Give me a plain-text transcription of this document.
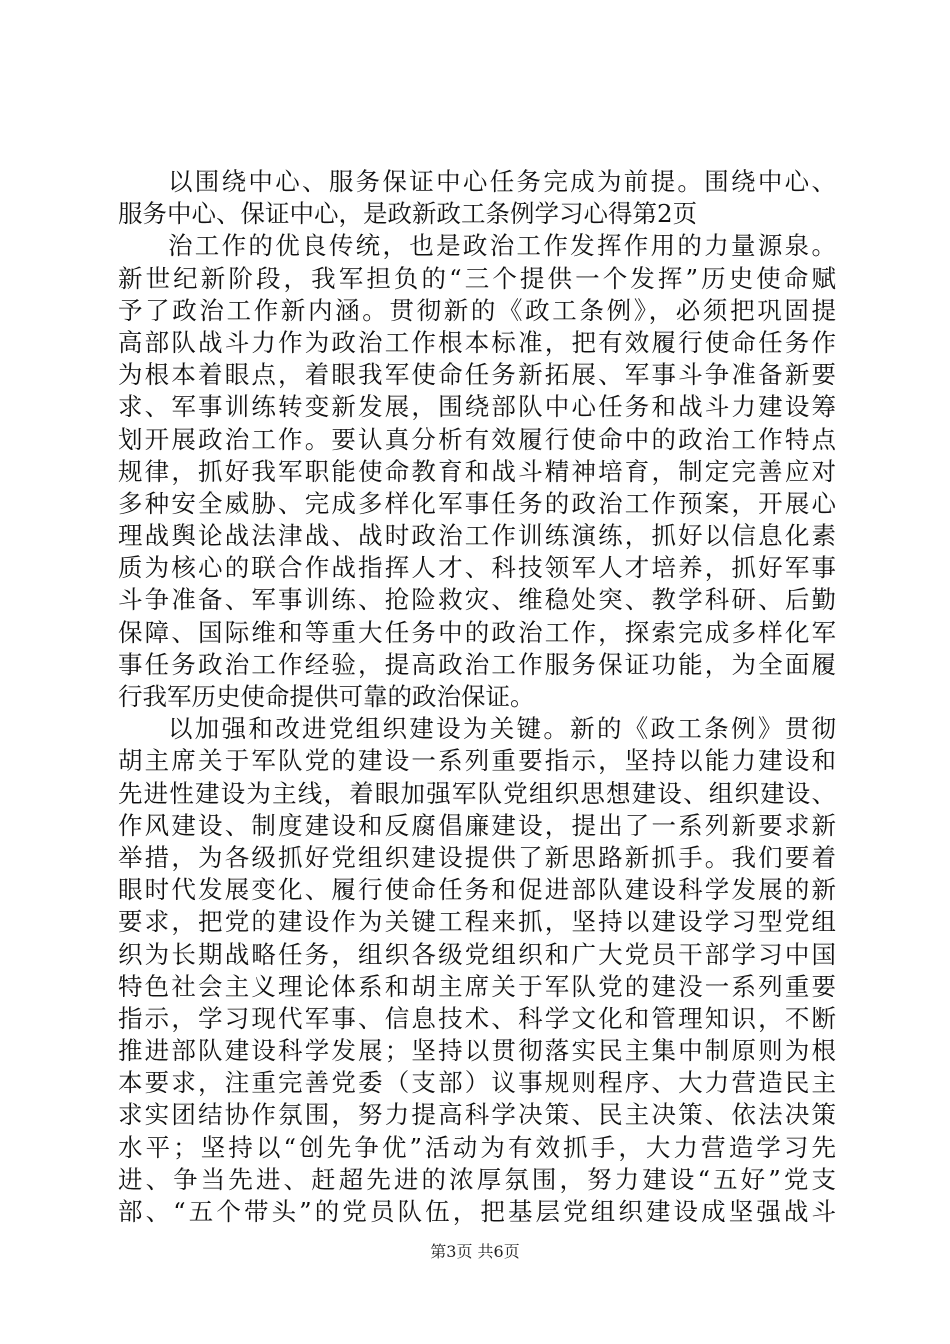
以围绕中心、服务保证中心任务完成为前提。围绕中心、
服务中心、保证中心，是政新政工条例学习心得第2页
治工作的优良传统，也是政治工作发挥作用的力量源泉。
新世纪新阶段，我军担负的“三个提供一个发挥”历史使命赋
予了政治工作新内涵。贯彻新的《政工条例》，必须把巩固提
高部队战斗力作为政治工作根本标准，把有效履行使命任务作
为根本着眼点，着眼我军使命任务新拓展、军事斗争准备新要
求、军事训练转变新发展，围绕部队中心任务和战斗力建设筹
划开展政治工作。要认真分析有效履行使命中的政治工作特点
规律，抓好我军职能使命教育和战斗精神培育，制定完善应对
多种安全威胁、完成多样化军事任务的政治工作预案，开展心
理战舆论战法津战、战时政治工作训练演练，抓好以信息化素
质为核心的联合作战指挥人才、科技领军人才培养，抓好军事
斗争准备、军事训练、抢险救灾、维稳处突、教学科研、后勤
保障、国际维和等重大任务中的政治工作，探索完成多样化军
事任务政治工作经验，提高政治工作服务保证功能，为全面履
行我军历史使命提供可靠的政治保证。
以加强和改进党组织建设为关键。新的《政工条例》贯彻
胡主席关于军队党的建设一系列重要指示，坚持以能力建设和
先进性建设为主线，着眼加强军队党组织思想建设、组织建设、
作风建设、制度建设和反腐倡廉建设，提出了一系列新要求新
举措，为各级抓好党组织建设提供了新思路新抓手。我们要着
眼时代发展变化、履行使命任务和促进部队建设科学发展的新
要求，把党的建设作为关键工程来抓，坚持以建设学习型党组
织为长期战略任务，组织各级党组织和广大党员干部学习中国
特色社会主义理论体系和胡主席关于军队党的建没一系列重要
指示，学习现代军事、信息技术、科学文化和管理知识，不断
推进部队建设科学发展；坚持以贯彻落实民主集中制原则为根
本要求，注重完善党委（支部）议事规则程序、大力营造民主
求实团结协作氛围，努力提高科学决策、民主决策、依法决策
水平；坚持以“创先争优”活动为有效抓手，大力营造学习先
进、争当先进、赶超先进的浓厚氛围，努力建设“五好”党支
部、“五个带头”的党员队伍，把基层党组织建设成坚强战斗
第3页 共6页
